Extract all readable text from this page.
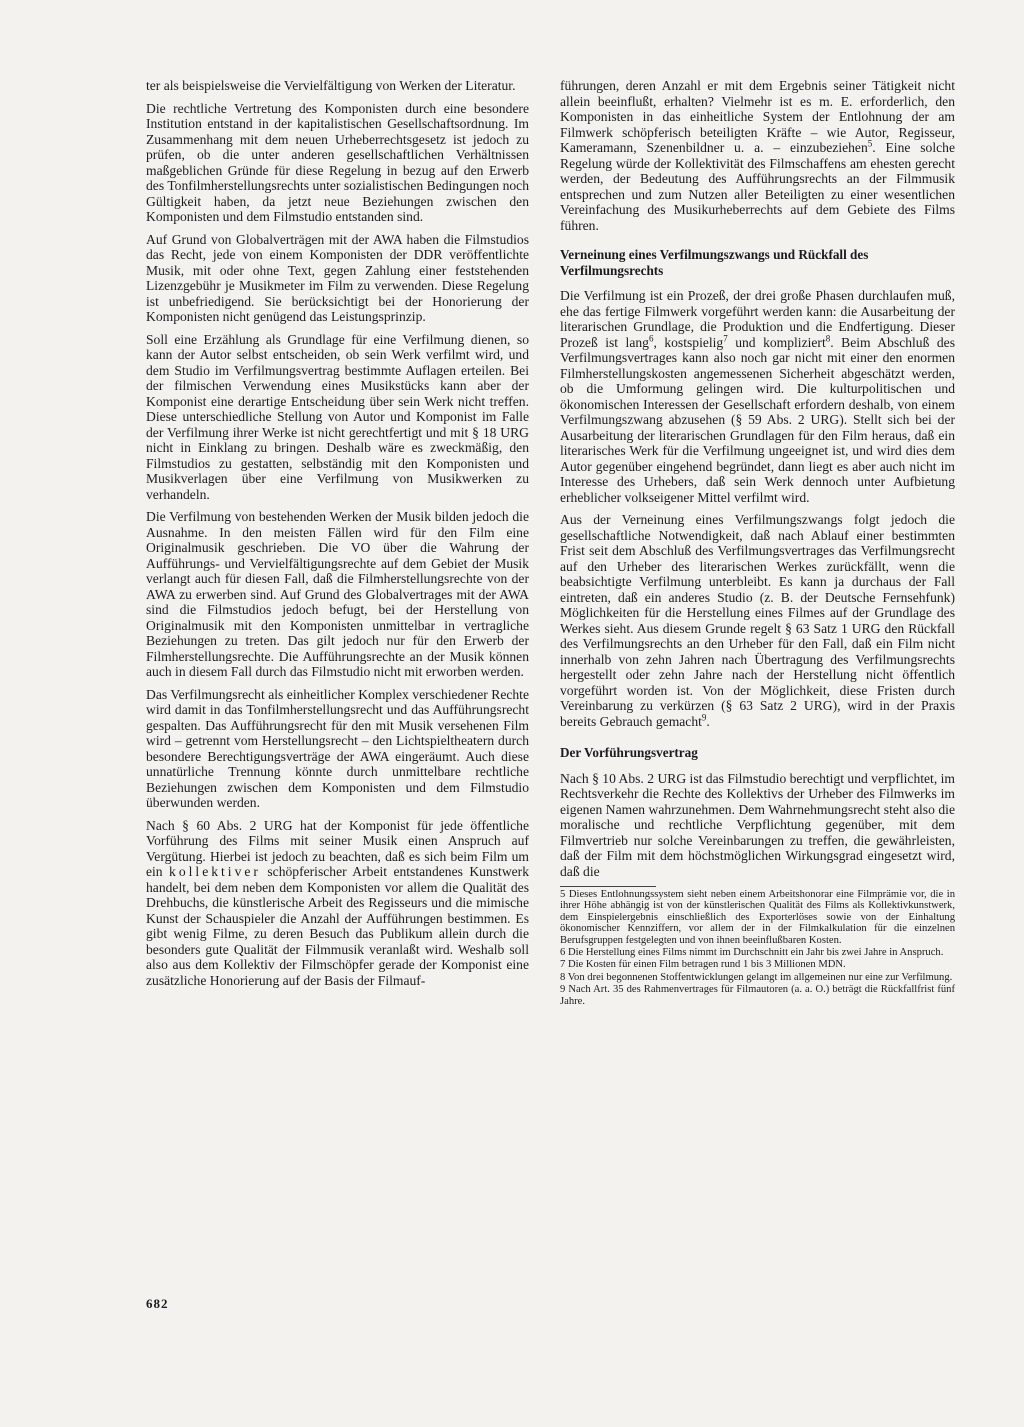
ter als beispielsweise die Vervielfältigung von Werken der Literatur.

Die rechtliche Vertretung des Komponisten durch eine besondere Institution entstand in der kapitalistischen Gesellschaftsordnung. Im Zusammenhang mit dem neuen Urheberrechtsgesetz ist jedoch zu prüfen, ob die unter anderen gesellschaftlichen Verhältnissen maßgeblichen Gründe für diese Regelung in bezug auf den Erwerb des Tonfilmherstellungsrechts unter sozialistischen Bedingungen noch Gültigkeit haben, da jetzt neue Beziehungen zwischen den Komponisten und dem Filmstudio entstanden sind.

Auf Grund von Globalverträgen mit der AWA haben die Filmstudios das Recht, jede von einem Komponisten der DDR veröffentlichte Musik, mit oder ohne Text, gegen Zahlung einer feststehenden Lizenzgebühr je Musikmeter im Film zu verwenden. Diese Regelung ist unbefriedigend. Sie berücksichtigt bei der Honorierung der Komponisten nicht genügend das Leistungsprinzip.

Soll eine Erzählung als Grundlage für eine Verfilmung dienen, so kann der Autor selbst entscheiden, ob sein Werk verfilmt wird, und dem Studio im Verfilmungsvertrag bestimmte Auflagen erteilen. Bei der filmischen Verwendung eines Musikstücks kann aber der Komponist eine derartige Entscheidung über sein Werk nicht treffen. Diese unterschiedliche Stellung von Autor und Komponist im Falle der Verfilmung ihrer Werke ist nicht gerechtfertigt und mit § 18 URG nicht in Einklang zu bringen. Deshalb wäre es zweckmäßig, den Filmstudios zu gestatten, selbständig mit den Komponisten und Musikverlagen über eine Verfilmung von Musikwerken zu verhandeln.

Die Verfilmung von bestehenden Werken der Musik bilden jedoch die Ausnahme. In den meisten Fällen wird für den Film eine Originalmusik geschrieben. Die VO über die Wahrung der Aufführungs- und Vervielfältigungsrechte auf dem Gebiet der Musik verlangt auch für diesen Fall, daß die Filmherstellungsrechte von der AWA zu erwerben sind. Auf Grund des Globalvertrages mit der AWA sind die Filmstudios jedoch befugt, bei der Herstellung von Originalmusik mit den Komponisten unmittelbar in vertragliche Beziehungen zu treten. Das gilt jedoch nur für den Erwerb der Filmherstellungsrechte. Die Aufführungsrechte an der Musik können auch in diesem Fall durch das Filmstudio nicht mit erworben werden.

Das Verfilmungsrecht als einheitlicher Komplex verschiedener Rechte wird damit in das Tonfilmherstellungsrecht und das Aufführungsrecht gespalten. Das Aufführungsrecht für den mit Musik versehenen Film wird – getrennt vom Herstellungsrecht – den Lichtspieltheatern durch besondere Berechtigungsverträge der AWA eingeräumt. Auch diese unnatürliche Trennung könnte durch unmittelbare rechtliche Beziehungen zwischen dem Komponisten und dem Filmstudio überwunden werden.

Nach § 60 Abs. 2 URG hat der Komponist für jede öffentliche Vorführung des Films mit seiner Musik einen Anspruch auf Vergütung. Hierbei ist jedoch zu beachten, daß es sich beim Film um ein kollektiver schöpferischer Arbeit entstandenes Kunstwerk handelt, bei dem neben dem Komponisten vor allem die Qualität des Drehbuchs, die künstlerische Arbeit des Regisseurs und die mimische Kunst der Schauspieler die Anzahl der Aufführungen bestimmen. Es gibt wenig Filme, zu deren Besuch das Publikum allein durch die besonders gute Qualität der Filmmusik veranlaßt wird. Weshalb soll also aus dem Kollektiv der Filmschöpfer gerade der Komponist eine zusätzliche Honorierung auf der Basis der Filmauf-

führungen, deren Anzahl er mit dem Ergebnis seiner Tätigkeit nicht allein beeinflußt, erhalten? Vielmehr ist es m. E. erforderlich, den Komponisten in das einheitliche System der Entlohnung der am Filmwerk schöpferisch beteiligten Kräfte – wie Autor, Regisseur, Kameramann, Szenenbildner u. a. – einzubeziehen$^5$. Eine solche Regelung würde der Kollektivität des Filmschaffens am ehesten gerecht werden, der Bedeutung des Aufführungsrechts an der Filmmusik entsprechen und zum Nutzen aller Beteiligten zu einer wesentlichen Vereinfachung des Musikurheberrechts auf dem Gebiete des Films führen.

Verneinung eines Verfilmungszwangs und Rückfall des Verfilmungsrechts

Die Verfilmung ist ein Prozeß, der drei große Phasen durchlaufen muß, ehe das fertige Filmwerk vorgeführt werden kann: die Ausarbeitung der literarischen Grundlage, die Produktion und die Endfertigung. Dieser Prozeß ist lang$^6$, kostspielig$^7$ und kompliziert$^8$. Beim Abschluß des Verfilmungsvertrages kann also noch gar nicht mit einer den enormen Filmherstellungskosten angemessenen Sicherheit abgeschätzt werden, ob die Umformung gelingen wird. Die kulturpolitischen und ökonomischen Interessen der Gesellschaft erfordern deshalb, von einem Verfilmungszwang abzusehen (§ 59 Abs. 2 URG). Stellt sich bei der Ausarbeitung der literarischen Grundlagen für den Film heraus, daß ein literarisches Werk für die Verfilmung ungeeignet ist, und wird dies dem Autor gegenüber eingehend begründet, dann liegt es aber auch nicht im Interesse des Urhebers, daß sein Werk dennoch unter Aufbietung erheblicher volkseigener Mittel verfilmt wird.

Aus der Verneinung eines Verfilmungszwangs folgt jedoch die gesellschaftliche Notwendigkeit, daß nach Ablauf einer bestimmten Frist seit dem Abschluß des Verfilmungsvertrages das Verfilmungsrecht auf den Urheber des literarischen Werkes zurückfällt, wenn die beabsichtigte Verfilmung unterbleibt. Es kann ja durchaus der Fall eintreten, daß ein anderes Studio (z. B. der Deutsche Fernsehfunk) Möglichkeiten für die Herstellung eines Filmes auf der Grundlage des Werkes sieht. Aus diesem Grunde regelt § 63 Satz 1 URG den Rückfall des Verfilmungsrechts an den Urheber für den Fall, daß ein Film nicht innerhalb von zehn Jahren nach Übertragung des Verfilmungsrechts hergestellt oder zehn Jahre nach der Herstellung nicht öffentlich vorgeführt worden ist. Von der Möglichkeit, diese Fristen durch Vereinbarung zu verkürzen (§ 63 Satz 2 URG), wird in der Praxis bereits Gebrauch gemacht$^9$.

Der Vorführungsvertrag

Nach § 10 Abs. 2 URG ist das Filmstudio berechtigt und verpflichtet, im Rechtsverkehr die Rechte des Kollektivs der Urheber des Filmwerks im eigenen Namen wahrzunehmen. Dem Wahrnehmungsrecht steht also die moralische und rechtliche Verpflichtung gegenüber, mit dem Filmvertrieb nur solche Vereinbarungen zu treffen, die gewährleisten, daß der Film mit dem höchstmöglichen Wirkungsgrad eingesetzt wird, daß die

5 Dieses Entlohnungssystem sieht neben einem Arbeitshonorar eine Filmprämie vor, die in ihrer Höhe abhängig ist von der künstlerischen Qualität des Films als Kollektivkunstwerk, dem Einspielergebnis einschließlich des Exporterlöses sowie von der Einhaltung ökonomischer Kennziffern, vor allem der in der Filmkalkulation für die einzelnen Berufsgruppen festgelegten und von ihnen beeinflußbaren Kosten.

6 Die Herstellung eines Films nimmt im Durchschnitt ein Jahr bis zwei Jahre in Anspruch.

7 Die Kosten für einen Film betragen rund 1 bis 3 Millionen MDN.

8 Von drei begonnenen Stoffentwicklungen gelangt im allgemeinen nur eine zur Verfilmung.

9 Nach Art. 35 des Rahmenvertrages für Filmautoren (a. a. O.) beträgt die Rückfallfrist fünf Jahre.

682
